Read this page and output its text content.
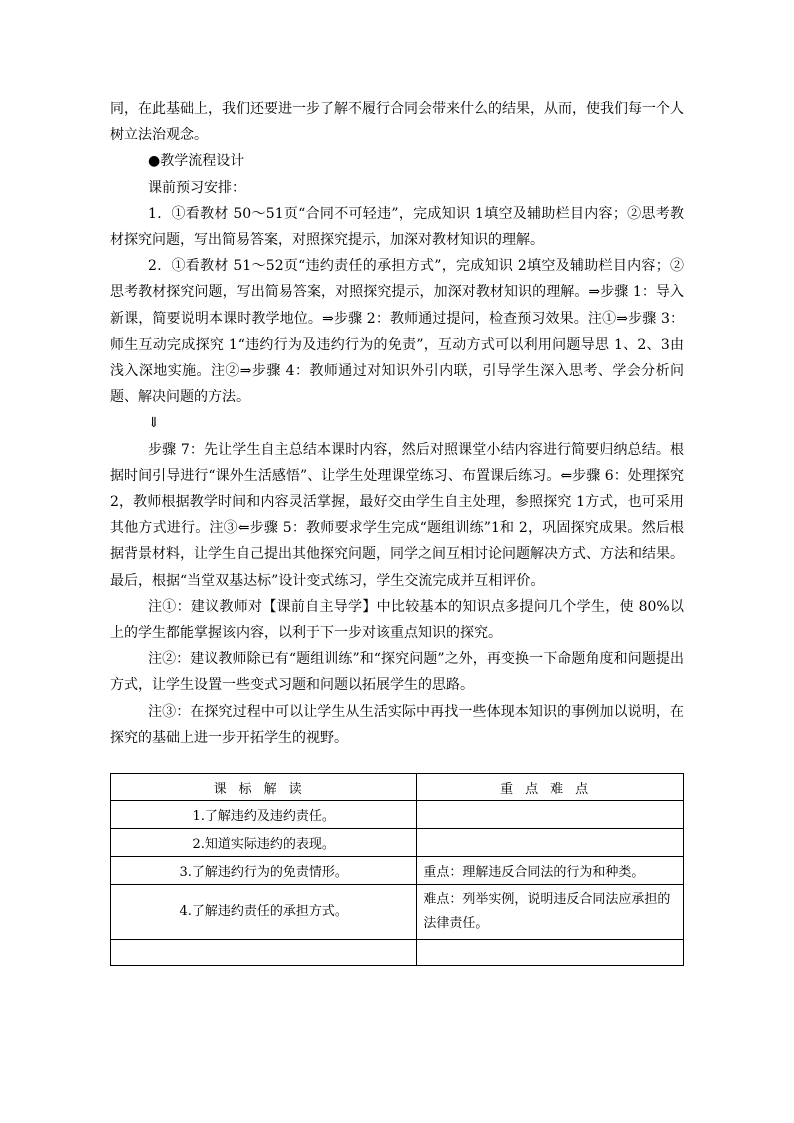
同，在此基础上，我们还要进一步了解不履行合同会带来什么的结果，从而，使我们每一个人树立法治观念。

●教学流程设计

课前预习安排：

1．①看教材 50～51页“合同不可轻违”，完成知识 1填空及辅助栏目内容；②思考教材探究问题，写出简易答案，对照探究提示，加深对教材知识的理解。

2．①看教材 51～52页“违约责任的承担方式”，完成知识 2填空及辅助栏目内容；②思考教材探究问题，写出简易答案，对照探究提示，加深对教材知识的理解。⇒步骤 1：导入新课，简要说明本课时教学地位。⇒步骤 2：教师通过提问，检查预习效果。注①⇒步骤 3：师生互动完成探究 1“违约行为及违约行为的免责”，互动方式可以利用问题导思 1、2、3由浅入深地实施。注②⇒步骤 4：教师通过对知识外引内联，引导学生深入思考、学会分析问题、解决问题的方法。

⇓

步骤 7：先让学生自主总结本课时内容，然后对照课堂小结内容进行简要归纳总结。根据时间引导进行“课外生活感悟”、让学生处理课堂练习、布置课后练习。⇐步骤 6：处理探究 2，教师根据教学时间和内容灵活掌握，最好交由学生自主处理，参照探究 1方式，也可采用其他方式进行。注③⇐步骤 5：教师要求学生完成“题组训练”1和 2，巩固探究成果。然后根据背景材料，让学生自己提出其他探究问题，同学之间互相讨论问题解决方式、方法和结果。最后，根据“当堂双基达标”设计变式练习，学生交流完成并互相评价。

注①：建议教师对【课前自主导学】中比较基本的知识点多提问几个学生，使 80%以上的学生都能掌握该内容，以利于下一步对该重点知识的探究。

注②：建议教师除已有“题组训练”和“探究问题”之外，再变换一下命题角度和问题提出方式，让学生设置一些变式习题和问题以拓展学生的思路。

注③：在探究过程中可以让学生从生活实际中再找一些体现本知识的事例加以说明，在探究的基础上进一步开拓学生的视野。

课标解读	重点难点
1.了解违约及违约责任。	
2.知道实际违约的表现。	
3.了解违约行为的免责情形。	重点：理解违反合同法的行为和种类。
4.了解违约责任的承担方式。	难点：列举实例，说明违反合同法应承担的法律责任。
